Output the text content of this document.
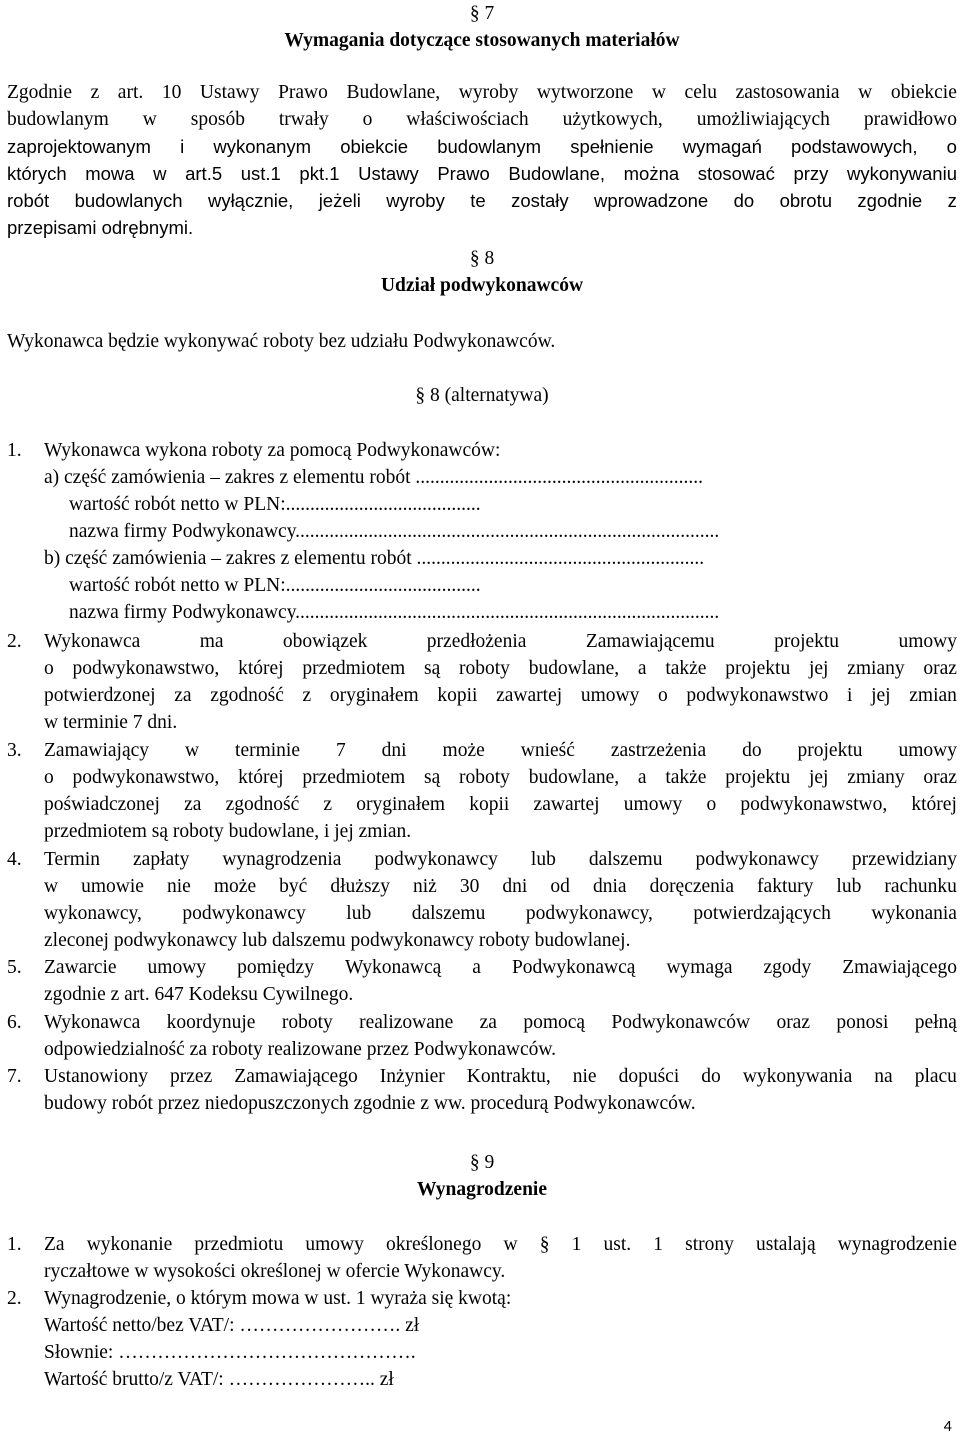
§ 7
Wymagania dotyczące stosowanych materiałów
Zgodnie z art. 10 Ustawy Prawo Budowlane, wyroby wytworzone w celu zastosowania w obiekcie
budowlanym w sposób trwały o właściwościach użytkowych, umożliwiających prawidłowo
zaprojektowanym i wykonanym obiekcie budowlanym spełnienie wymagań podstawowych, o
których mowa w art.5 ust.1 pkt.1 Ustawy Prawo Budowlane, można stosować przy wykonywaniu
robót budowlanych wyłącznie, jeżeli wyroby te zostały wprowadzone do obrotu zgodnie z
przepisami odrębnymi.
§ 8
Udział podwykonawców
Wykonawca będzie wykonywać roboty bez udziału Podwykonawców.
§ 8 (alternatywa)
1. Wykonawca wykona roboty za pomocą Podwykonawców:
a) część zamówienia – zakres z elementu robót ...........................................................
wartość robót netto w PLN:........................................
nazwa firmy Podwykonawcy.......................................................................................
b) część zamówienia – zakres z elementu robót ...........................................................
wartość robót netto w PLN:........................................
nazwa firmy Podwykonawcy.......................................................................................
2. Wykonawca	ma	obowiązek	przedłożenia	Zamawiającemu	projektu	umowy
o podwykonawstwo, której przedmiotem są roboty budowlane, a także projektu jej zmiany oraz
potwierdzonej za zgodność z oryginałem kopii zawartej umowy o podwykonawstwo i jej zmian
w terminie 7 dni.
3. Zamawiający w terminie 7 dni może wnieść zastrzeżenia do projektu umowy
o podwykonawstwo, której przedmiotem są roboty budowlane, a także projektu jej zmiany oraz
poświadczonej za zgodność z oryginałem kopii zawartej umowy o podwykonawstwo, której
przedmiotem są roboty budowlane, i jej zmian.
4. Termin zapłaty wynagrodzenia podwykonawcy lub dalszemu podwykonawcy przewidziany
w umowie nie może być dłuższy niż 30 dni od dnia doręczenia faktury lub rachunku
wykonawcy, podwykonawcy lub dalszemu podwykonawcy, potwierdzających wykonania
zleconej podwykonawcy lub dalszemu podwykonawcy roboty budowlanej.
5. Zawarcie umowy pomiędzy Wykonawcą a Podwykonawcą wymaga zgody Zmawiającego
zgodnie z art. 647 Kodeksu Cywilnego.
6. Wykonawca koordynuje roboty realizowane za pomocą Podwykonawców oraz ponosi pełną
odpowiedzialność za roboty realizowane przez Podwykonawców.
7. Ustanowiony przez Zamawiającego Inżynier Kontraktu, nie dopuści do wykonywania na placu
budowy robót przez niedopuszczonych zgodnie z ww. procedurą Podwykonawców.
§ 9
Wynagrodzenie
1. Za wykonanie przedmiotu umowy określonego w § 1 ust. 1 strony ustalają wynagrodzenie
ryczałtowe w wysokości określonej w ofercie Wykonawcy.
2. Wynagrodzenie, o którym mowa w ust. 1 wyraża się kwotą:
Wartość netto/bez VAT/: ……………………. zł
Słownie: ……………………………………….
Wartość brutto/z VAT/: ………………….. zł
4
